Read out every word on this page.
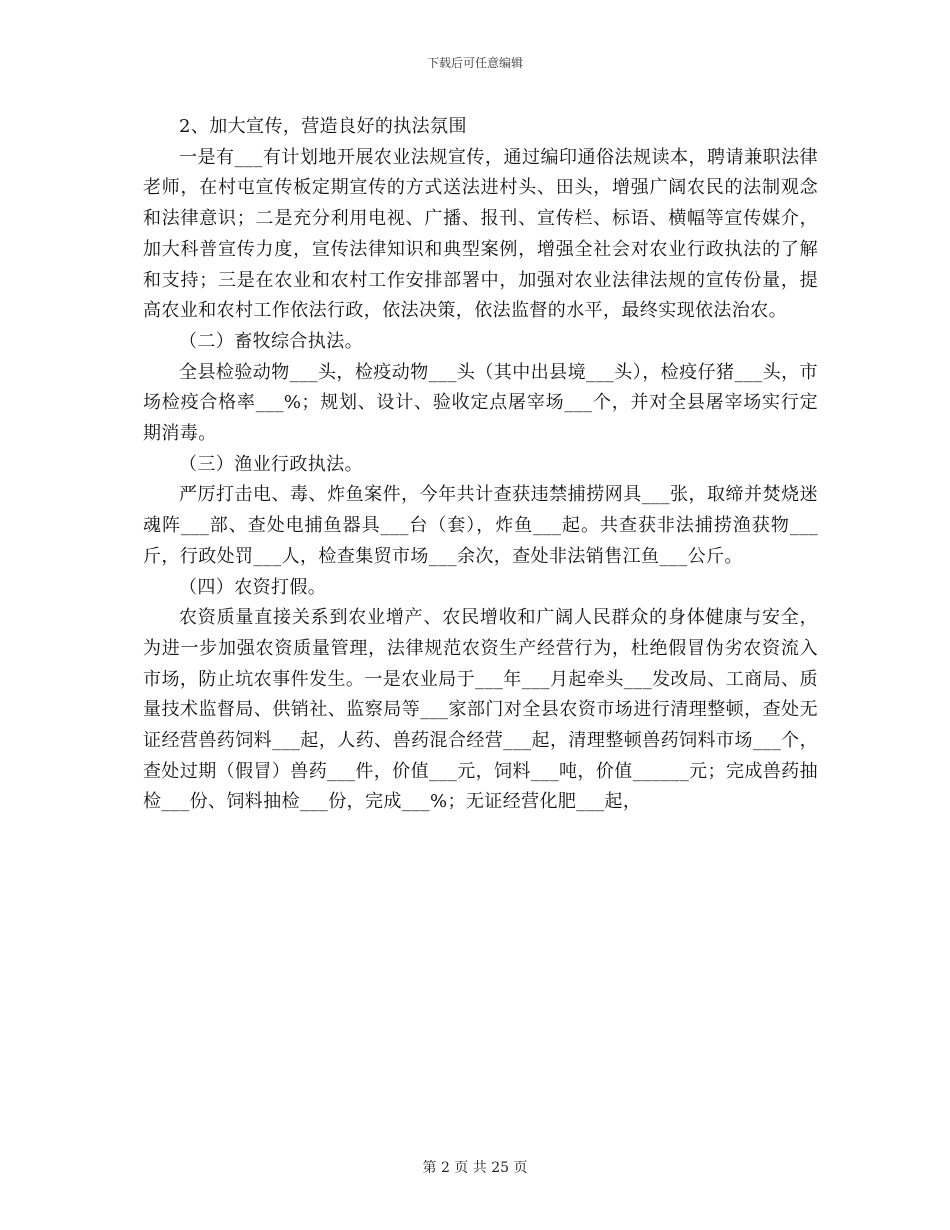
下载后可任意编辑

2、加大宣传，营造良好的执法氛围

一是有___有计划地开展农业法规宣传，通过编印通俗法规读本，聘请兼职法律老师，在村屯宣传板定期宣传的方式送法进村头、田头，增强广阔农民的法制观念和法律意识；二是充分利用电视、广播、报刊、宣传栏、标语、横幅等宣传媒介，加大科普宣传力度，宣传法律知识和典型案例，增强全社会对农业行政执法的了解和支持；三是在农业和农村工作安排部署中，加强对农业法律法规的宣传份量，提高农业和农村工作依法行政，依法决策，依法监督的水平，最终实现依法治农。

（二）畜牧综合执法。

全县检验动物___头，检疫动物___头（其中出县境___头），检疫仔猪___头，市场检疫合格率___%；规划、设计、验收定点屠宰场___个，并对全县屠宰场实行定期消毒。

（三）渔业行政执法。

严厉打击电、毒、炸鱼案件，今年共计查获违禁捕捞网具___张，取缔并焚烧迷魂阵___部、查处电捕鱼器具___台（套），炸鱼___起。共查获非法捕捞渔获物___斤，行政处罚___人，检查集贸市场___余次，查处非法销售江鱼___公斤。

（四）农资打假。

农资质量直接关系到农业增产、农民增收和广阔人民群众的身体健康与安全，为进一步加强农资质量管理，法律规范农资生产经营行为，杜绝假冒伪劣农资流入市场，防止坑农事件发生。一是农业局于___年___月起牵头___发改局、工商局、质量技术监督局、供销社、监察局等___家部门对全县农资市场进行清理整顿，查处无证经营兽药饲料___起，人药、兽药混合经营___起，清理整顿兽药饲料市场___个，查处过期（假冒）兽药___件，价值___元，饲料___吨，价值______元；完成兽药抽检___份、饲料抽检___份，完成___%；无证经营化肥___起，

第 2 页 共 25 页
